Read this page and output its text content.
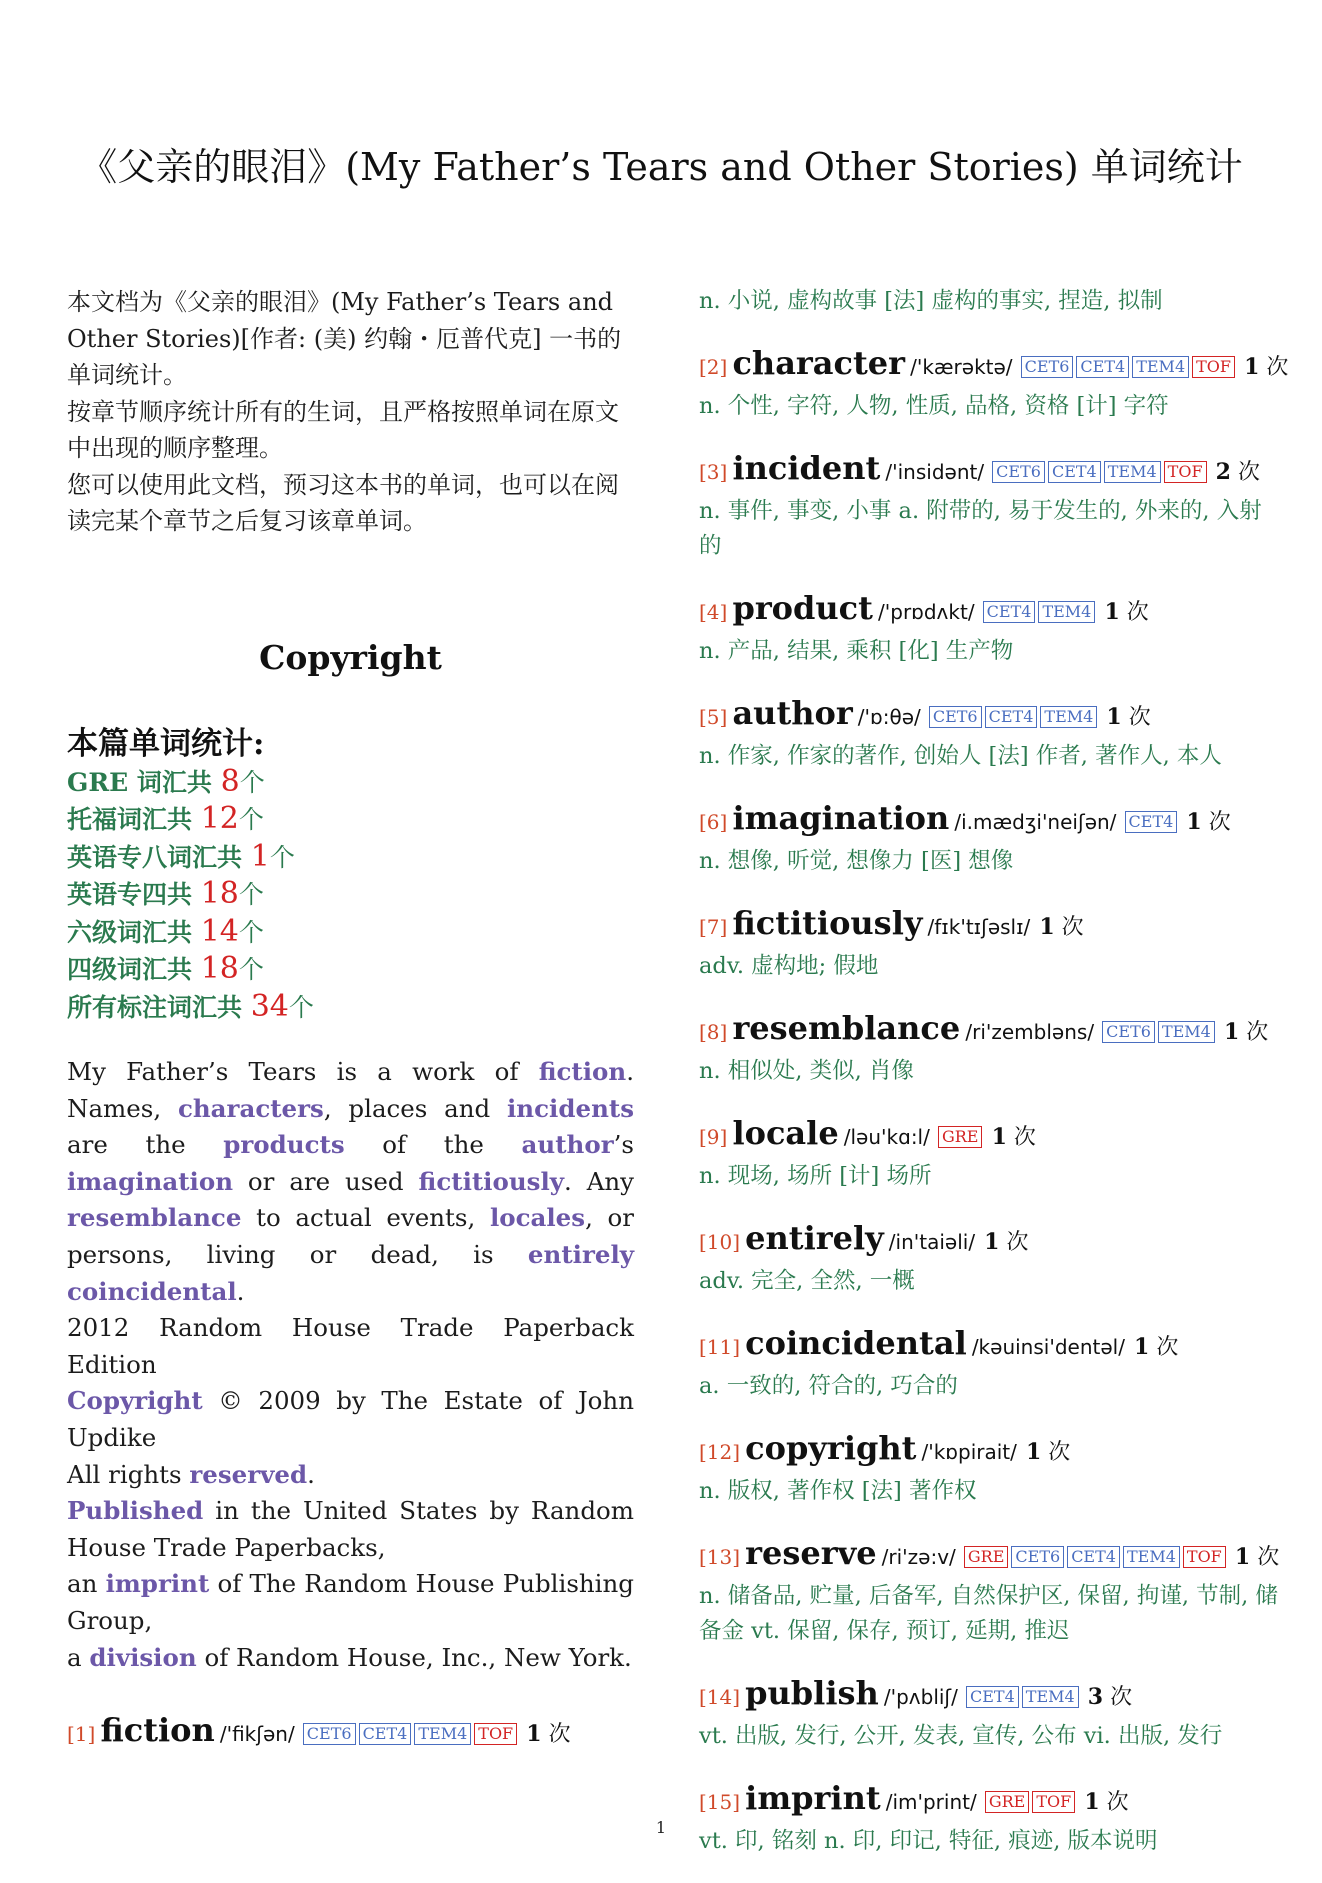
《父亲的眼泪》(My Father’s Tears and Other Stories) 单词统计

本文档为《父亲的眼泪》(My Father’s Tears and Other Stories)[作者: (美) 约翰・厄普代克] 一书的单词统计。

按章节顺序统计所有的生词，且严格按照单词在原文中出现的顺序整理。

您可以使用此文档，预习这本书的单词，也可以在阅读完某个章节之后复习该章单词。

Copyright
本篇单词统计:
GRE 词汇共 8个
托福词汇共 12个
英语专八词汇共 1个
英语专四共 18个
六级词汇共 14个
四级词汇共 18个
所有标注词汇共 34个

My Father’s Tears is a work of fiction. Names, characters, places and incidents are the products of the author’s imagination or are used fictitiously. Any resemblance to actual events, locales, or persons, living or dead, is entirely coincidental.

2012 Random House Trade Paperback Edition

Copyright © 2009 by The Estate of John Updike

All rights reserved.

Published in the United States by Random House Trade Paperbacks,

an imprint of The Random House Publishing Group,

a division of Random House, Inc., New York.

[1] fiction /'fikʃən/ CET6 CET4 TEM4 TOF 1 次
n. 小说, 虚构故事 [法] 虚构的事实, 捏造, 拟制
[2] character /'kærəktə/ CET6 CET4 TEM4 TOF 1 次
n. 个性, 字符, 人物, 性质, 品格, 资格 [计] 字符
[3] incident /'insidənt/ CET6 CET4 TEM4 TOF 2 次
n. 事件, 事变, 小事 a. 附带的, 易于发生的, 外来的, 入射的
[4] product /'prɒdʌkt/ CET4 TEM4 1 次
n. 产品, 结果, 乘积 [化] 生产物
[5] author /'ɒ:θə/ CET6 CET4 TEM4 1 次
n. 作家, 作家的著作, 创始人 [法] 作者, 著作人, 本人
[6] imagination /i.mædʒi'neiʃən/ CET4 1 次
n. 想像, 听觉, 想像力 [医] 想像
[7] fictitiously /fɪk'tɪʃəslɪ/ 1 次
adv. 虚构地; 假地
[8] resemblance /ri'zembləns/ CET6 TEM4 1 次
n. 相似处, 类似, 肖像
[9] locale /ləu'kɑ:l/ GRE 1 次
n. 现场, 场所 [计] 场所
[10] entirely /in'taiəli/ 1 次
adv. 完全, 全然, 一概
[11] coincidental /kəuinsi'dentəl/ 1 次
a. 一致的, 符合的, 巧合的
[12] copyright /'kɒpirait/ 1 次
n. 版权, 著作权 [法] 著作权
[13] reserve /ri'zə:v/ GRE CET6 CET4 TEM4 TOF 1 次
n. 储备品, 贮量, 后备军, 自然保护区, 保留, 拘谨, 节制, 储备金 vt. 保留, 保存, 预订, 延期, 推迟
[14] publish /'pʌbliʃ/ CET4 TEM4 3 次
vt. 出版, 发行, 公开, 发表, 宣传, 公布 vi. 出版, 发行
[15] imprint /im'print/ GRE TOF 1 次
vt. 印, 铭刻 n. 印, 印记, 特征, 痕迹, 版本说明
1
